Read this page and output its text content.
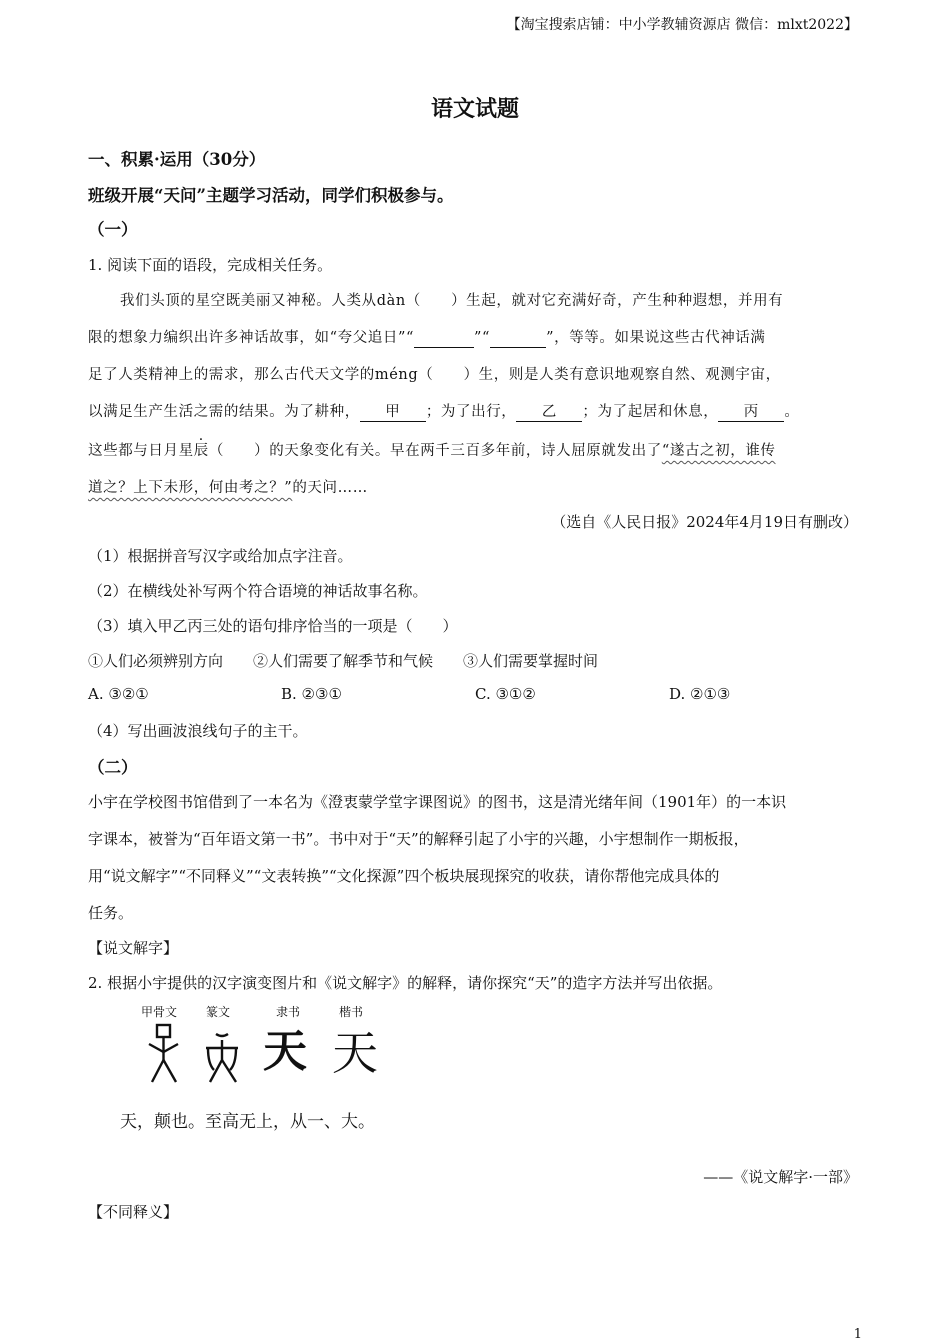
【淘宝搜索店铺：中小学教辅资源店 微信：mlxt2022】
语文试题
一、积累·运用（30分）
班级开展“天问”主题学习活动，同学们积极参与。
（一）
1. 阅读下面的语段，完成相关任务。
我们头顶的星空既美丽又神秘。人类从dàn（　　）生起，就对它充满好奇，产生种种遐想，并用有
限的想象力编织出许多神话故事，如“夸父追日”“	”“	”，等等。如果说这些古代神话满
足了人类精神上的需求，那么古代天文学的méng（　　）生，则是人类有意识地观察自然、观测宇宙，
以满足生产生活之需的结果。为了耕种， 甲 ；为了出行， 乙 ；为了起居和休息， 丙 。
这些都与日月星辰（　　）的天象变化有关。早在两千三百多年前，诗人屈原就发出了“遂古之初，谁传
道之？上下未形，何由考之？”的天问……
（选自《人民日报》2024年4月19日有删改）
（1）根据拼音写汉字或给加点字注音。
（2）在横线处补写两个符合语境的神话故事名称。
（3）填入甲乙丙三处的语句排序恰当的一项是（　　）
①人们必须辨别方向　　②人们需要了解季节和气候　　③人们需要掌握时间
A. ③②①	B. ②③①	C. ③①②	D. ②①③
（4）写出画波浪线句子的主干。
（二）
小宇在学校图书馆借到了一本名为《澄衷蒙学堂字课图说》的图书，这是清光绪年间（1901年）的一本识
字课本，被誉为“百年语文第一书”。书中对于“天”的解释引起了小宇的兴趣，小宇想制作一期板报，
用“说文解字”“不同释义”“文表转换”“文化探源”四个板块展现探究的收获，请你帮他完成具体的
任务。
【说文解字】
2. 根据小宇提供的汉字演变图片和《说文解字》的解释，请你探究“天”的造字方法并写出依据。
甲骨文 篆文	隶书	楷书
天 天
天，颠也。至高无上，从一、大。
——《说文解字·一部》
【不同释义】
1
